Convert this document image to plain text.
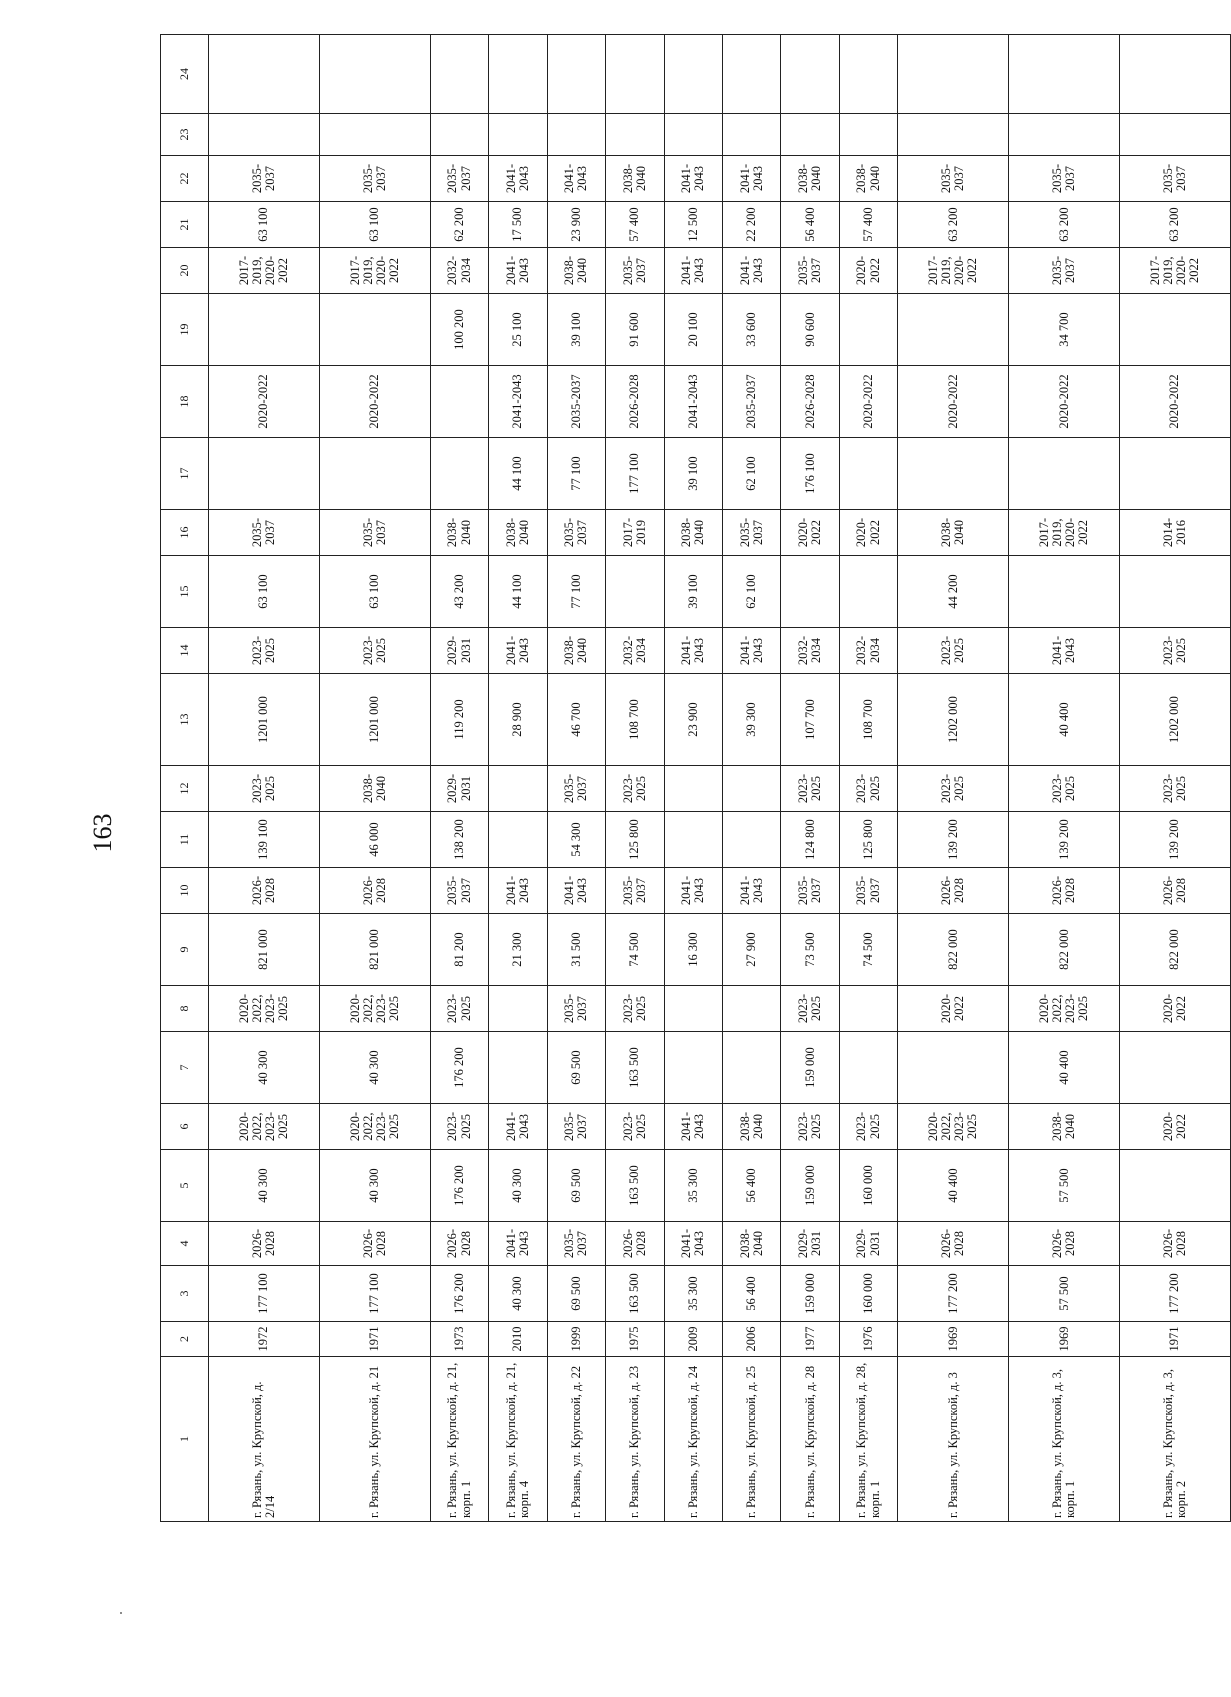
163
1	2	3	4	5	6	7	8	9	10	11	12	13	14	15	16	17	18	19	20	21	22	23	24
г. Рязань, ул. Крупской, д. 2/14	1972	177 100	2026-2028	40 300	2020-2022, 2023-2025	40 300	2020-2022, 2023-2025	821 000	2026-2028	139 100	2023-2025	1201 000	2023-2025	63 100	2035-2037		2020-2022		2017-2019, 2020-2022	63 100	2035-2037		
г. Рязань, ул. Крупской, д. 21	1971	177 100	2026-2028	40 300	2020-2022, 2023-2025	40 300	2020-2022, 2023-2025	821 000	2026-2028	46 000	2038-2040	1201 000	2023-2025	63 100	2035-2037		2020-2022		2017-2019, 2020-2022	63 100	2035-2037		
г. Рязань, ул. Крупской, д. 21, корп. 1	1973	176 200	2026-2028	176 200	2023-2025	176 200	2023-2025	81 200	2035-2037	138 200	2029-2031	119 200	2029-2031	43 200	2038-2040			100 200	2032-2034	62 200	2035-2037		
г. Рязань, ул. Крупской, д. 21, корп. 4	2010	40 300	2041-2043	40 300	2041-2043			21 300	2041-2043			28 900	2041-2043	44 100	2038-2040	44 100	2041-2043	25 100	2041-2043	17 500	2041-2043		
г. Рязань, ул. Крупской, д. 22	1999	69 500	2035-2037	69 500	2035-2037	69 500	2035-2037	31 500	2041-2043	54 300	2035-2037	46 700	2038-2040	77 100	2035-2037	77 100	2035-2037	39 100	2038-2040	23 900	2041-2043		
г. Рязань, ул. Крупской, д. 23	1975	163 500	2026-2028	163 500	2023-2025	163 500	2023-2025	74 500	2035-2037	125 800	2023-2025	108 700	2032-2034		2017-2019	177 100	2026-2028	91 600	2035-2037	57 400	2038-2040		
г. Рязань, ул. Крупской, д. 24	2009	35 300	2041-2043	35 300	2041-2043			16 300	2041-2043			23 900	2041-2043	39 100	2038-2040	39 100	2041-2043	20 100	2041-2043	12 500	2041-2043		
г. Рязань, ул. Крупской, д. 25	2006	56 400	2038-2040	56 400	2038-2040			27 900	2041-2043			39 300	2041-2043	62 100	2035-2037	62 100	2035-2037	33 600	2041-2043	22 200	2041-2043		
г. Рязань, ул. Крупской, д. 28	1977	159 000	2029-2031	159 000	2023-2025	159 000	2023-2025	73 500	2035-2037	124 800	2023-2025	107 700	2032-2034		2020-2022	176 100	2026-2028	90 600	2035-2037	56 400	2038-2040		
г. Рязань, ул. Крупской, д. 28, корп. 1	1976	160 000	2029-2031	160 000	2023-2025			74 500	2035-2037	125 800	2023-2025	108 700	2032-2034		2020-2022		2020-2022		2020-2022	57 400	2038-2040		
г. Рязань, ул. Крупской, д. 3	1969	177 200	2026-2028	40 400	2020-2022, 2023-2025		2020-2022	822 000	2026-2028	139 200	2023-2025	1202 000	2023-2025	44 200	2038-2040		2020-2022		2017-2019, 2020-2022	63 200	2035-2037		
г. Рязань, ул. Крупской, д. 3, корп. 1	1969	57 500	2026-2028	57 500	2038-2040	40 400	2020-2022, 2023-2025	822 000	2026-2028	139 200	2023-2025	40 400	2041-2043		2017-2019, 2020-2022		2020-2022	34 700	2035-2037	63 200	2035-2037		
г. Рязань, ул. Крупской, д. 3, корп. 2	1971	177 200	2026-2028		2020-2022		2020-2022	822 000	2026-2028	139 200	2023-2025	1202 000	2023-2025		2014-2016		2020-2022		2017-2019, 2020-2022	63 200	2035-2037		
